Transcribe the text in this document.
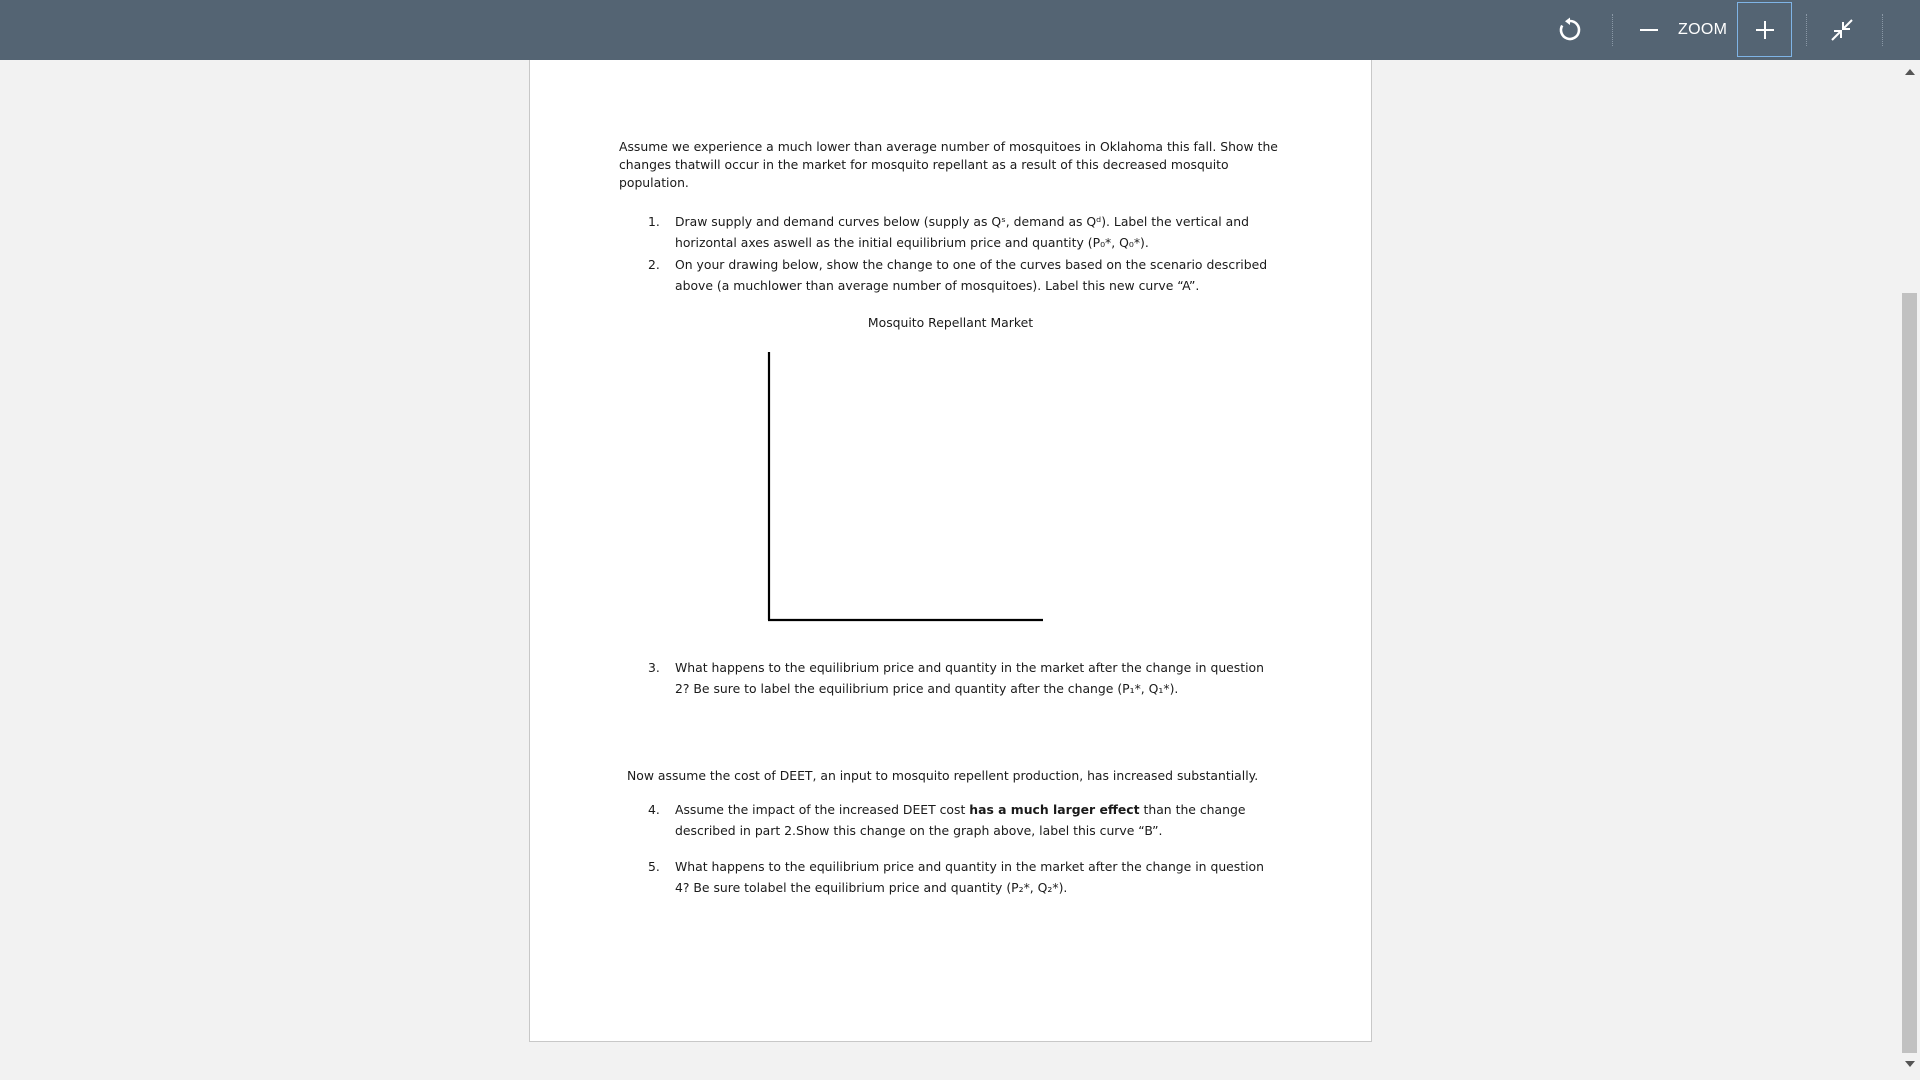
ZOOM

Assume we experience a much lower than average number of mosquitoes in Oklahoma this fall. Show the changes thatwill occur in the market for mosquito repellant as a result of this decreased mosquito population.

1.	Draw supply and demand curves below (supply as Qˢ, demand as Qᵈ). Label the vertical and horizontal axes aswell as the initial equilibrium price and quantity (P₀*, Q₀*).
2.	On your drawing below, show the change to one of the curves based on the scenario described above (a muchlower than average number of mosquitoes). Label this new curve “A”.
Mosquito Repellant Market
3.	What happens to the equilibrium price and quantity in the market after the change in question 2? Be sure to label the equilibrium price and quantity after the change (P₁*, Q₁*).

Now assume the cost of DEET, an input to mosquito repellent production, has increased substantially.

4.	Assume the impact of the increased DEET cost has a much larger effect than the change described in part 2.Show this change on the graph above, label this curve “B”.
5.	What happens to the equilibrium price and quantity in the market after the change in question 4? Be sure tolabel the equilibrium price and quantity (P₂*, Q₂*).
